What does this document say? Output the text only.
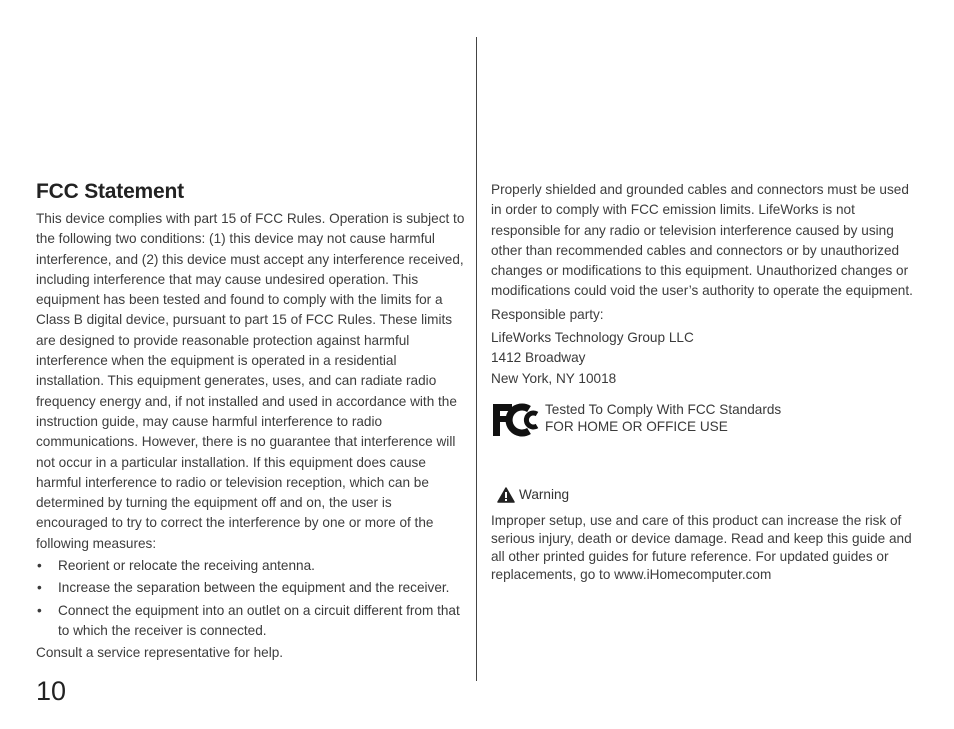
FCC Statement

This device complies with part 15 of FCC Rules. Operation is subject to the following two conditions: (1) this device may not cause harmful interference, and (2) this device must accept any interference received, including interference that may cause undesired operation. This equipment has been tested and found to comply with the limits for a Class B digital device, pursuant to part 15 of FCC Rules. These limits are designed to provide reasonable protection against harmful interference when the equipment is operated in a residential installation. This equipment generates, uses, and can radiate radio frequency energy and, if not installed and used in accordance with the instruction guide, may cause harmful interference to radio communications. However, there is no guarantee that interference will not occur in a particular installation. If this equipment does cause harmful interference to radio or television reception, which can be determined by turning the equipment off and on, the user is encouraged to try to correct the interference by one or more of the following measures:

• Reorient or relocate the receiving antenna.
• Increase the separation between the equipment and the receiver.
• Connect the equipment into an outlet on a circuit different from that to which the receiver is connected.

Consult a service representative for help.

10

Properly shielded and grounded cables and connectors must be used in order to comply with FCC emission limits. LifeWorks is not responsible for any radio or television interference caused by using other than recommended cables and connectors or by unauthorized changes or modifications to this equipment. Unauthorized changes or modifications could void the user’s authority to operate the equipment.

Responsible party:

LifeWorks Technology Group LLC
1412 Broadway
New York, NY 10018
Tested To Comply With FCC Standards
FOR HOME OR OFFICE USE
Warning

Improper setup, use and care of this product can increase the risk of serious injury, death or device damage. Read and keep this guide and all other printed guides for future reference. For updated guides or replacements, go to www.iHomecomputer.com
